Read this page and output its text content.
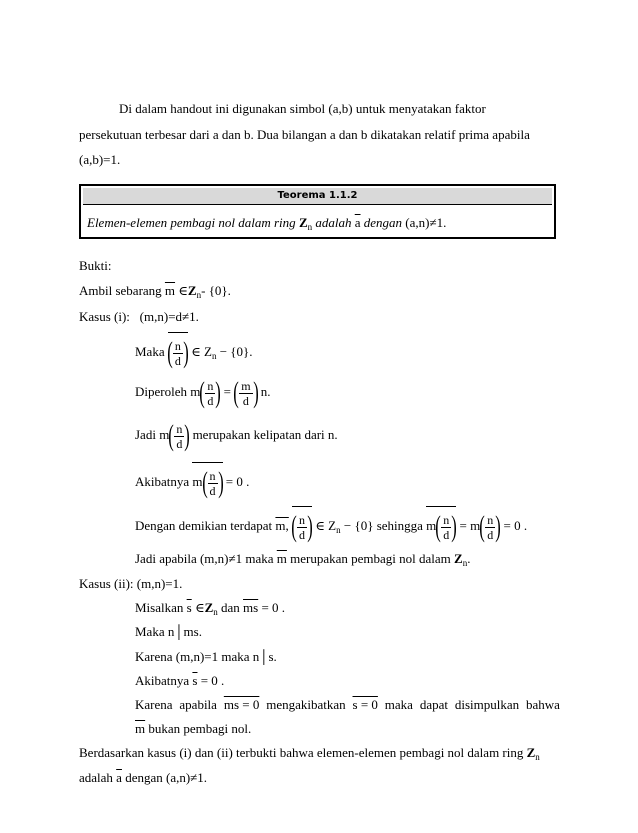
Di dalam handout ini digunakan simbol (a,b) untuk menyatakan faktor
persekutuan terbesar dari a dan b. Dua bilangan a dan b dikatakan relatif prima apabila
(a,b)=1.
Teorema 1.1.2
Elemen-elemen pembagi nol dalam ring $Z_n$ adalah $\overline{a}$ dengan (a,n)≠1.
Bukti:
Ambil sebarang $\overline{m}$ $\in Z_n-$ {0}.
Kasus (i): (m,n)=d≠1.
Maka ( $\frac{n}{d}$ ) ∈ $Z_n - \{0\}$.
Diperoleh $m( \frac{n}{d}$ ) = ( $\frac{m}{d}$ ) n.
Jadi $m( \frac{n}{d}$ ) merupakan kelipatan dari n.
Akibatnya $m( \frac{n}{d}$ ) = 0 .
Dengan demikian terdapat m, ( $\frac{n}{d}$ ) ∈ $Z_n - \{0\}$ sehingga $m( \frac{n}{d}$ ) = $m( \frac{n}{d}$ ) = 0 .
Jadi apabila (m,n)≠1 maka $\overline{m}$ merupakan pembagi nol dalam $Z_n$.
Kasus (ii): (m,n)=1.
Misalkan $\overline{s}$ $\in Z_n$ dan $\overline{ms} = 0$ .
Maka n│ms.
Karena (m,n)=1 maka n│s.
Akibatnya $\overline{s} = 0$ .
Karena apabila ms = 0 mengakibatkan s = 0 maka dapat disimpulkan bahwa
$\overline{m}$ bukan pembagi nol.
Berdasarkan kasus (i) dan (ii) terbukti bahwa elemen-elemen pembagi nol dalam ring $Z_n$
adalah $\overline{a}$ dengan (a,n)≠1.
